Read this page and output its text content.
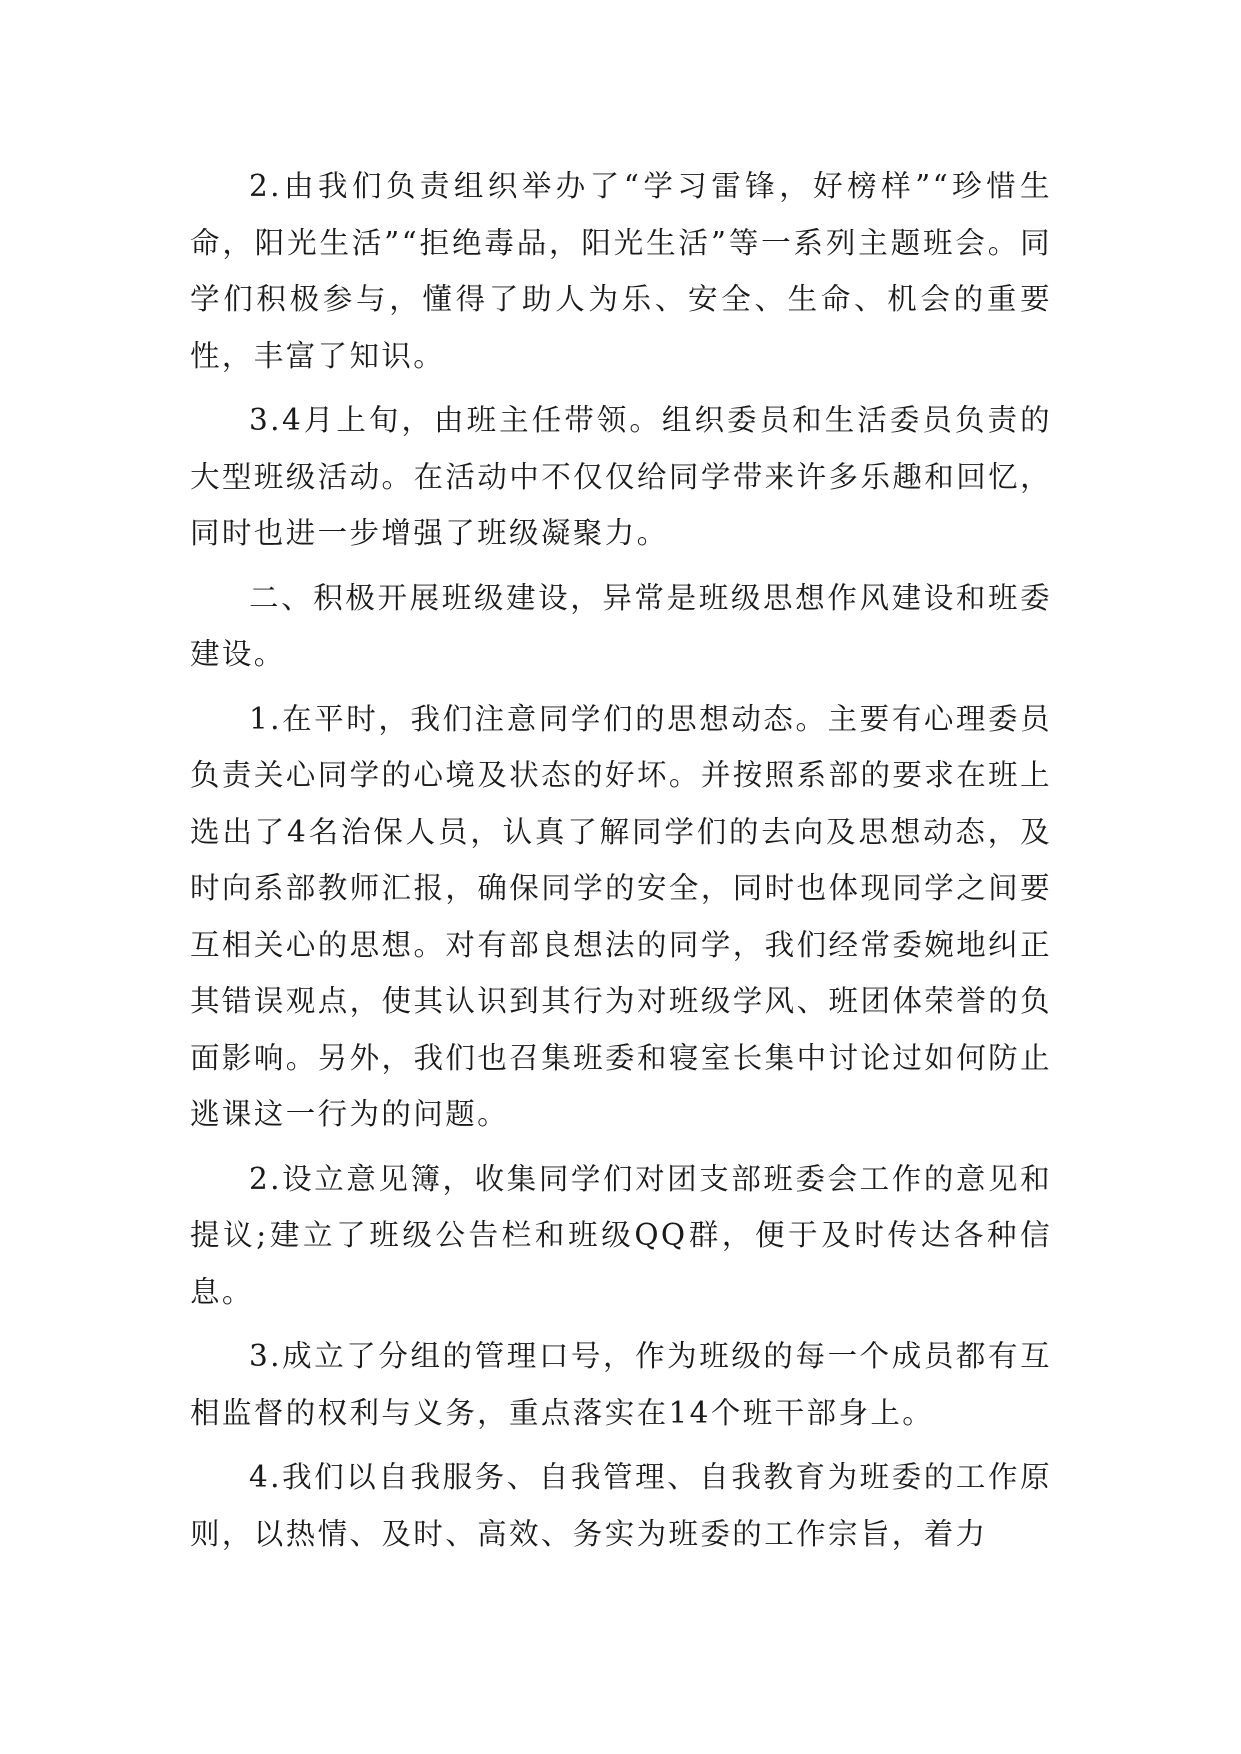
2.由我们负责组织举办了“学习雷锋，好榜样”“珍惜生命，阳光生活”“拒绝毒品，阳光生活”等一系列主题班会。同学们积极参与，懂得了助人为乐、安全、生命、机会的重要性，丰富了知识。

3.4月上旬，由班主任带领。组织委员和生活委员负责的大型班级活动。在活动中不仅仅给同学带来许多乐趣和回忆，同时也进一步增强了班级凝聚力。

二、积极开展班级建设，异常是班级思想作风建设和班委建设。

1.在平时，我们注意同学们的思想动态。主要有心理委员负责关心同学的心境及状态的好坏。并按照系部的要求在班上选出了4名治保人员，认真了解同学们的去向及思想动态，及时向系部教师汇报，确保同学的安全，同时也体现同学之间要互相关心的思想。对有部良想法的同学，我们经常委婉地纠正其错误观点，使其认识到其行为对班级学风、班团体荣誉的负面影响。另外，我们也召集班委和寝室长集中讨论过如何防止逃课这一行为的问题。

2.设立意见簿，收集同学们对团支部班委会工作的意见和提议;建立了班级公告栏和班级QQ群，便于及时传达各种信息。

3.成立了分组的管理口号，作为班级的每一个成员都有互相监督的权利与义务，重点落实在14个班干部身上。

4.我们以自我服务、自我管理、自我教育为班委的工作原则，以热情、及时、高效、务实为班委的工作宗旨，着力
